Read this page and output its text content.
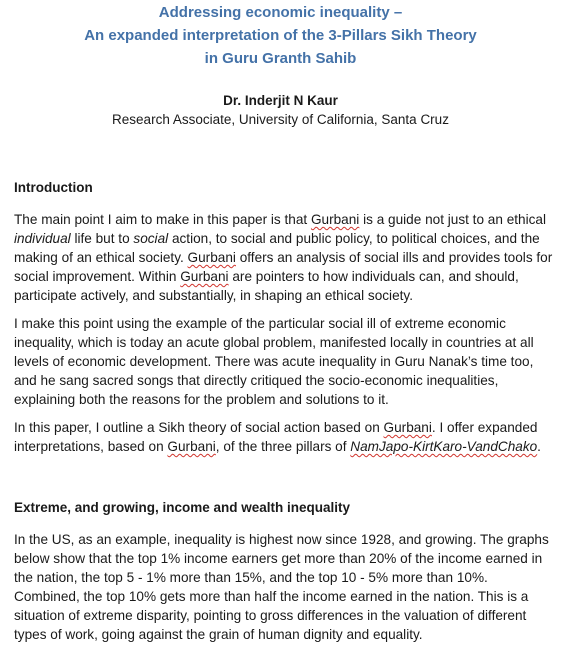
Addressing economic inequality –

An expanded interpretation of the 3-Pillars Sikh Theory

in Guru Granth Sahib

Dr. Inderjit N Kaur
Research Associate, University of California, Santa Cruz

Introduction

The main point I aim to make in this paper is that Gurbani is a guide not just to an ethical individual life but to social action, to social and public policy, to political choices, and the making of an ethical society. Gurbani offers an analysis of social ills and provides tools for social improvement. Within Gurbani are pointers to how individuals can, and should, participate actively, and substantially, in shaping an ethical society.

I make this point using the example of the particular social ill of extreme economic inequality, which is today an acute global problem, manifested locally in countries at all levels of economic development. There was acute inequality in Guru Nanak’s time too, and he sang sacred songs that directly critiqued the socio-economic inequalities, explaining both the reasons for the problem and solutions to it.

In this paper, I outline a Sikh theory of social action based on Gurbani. I offer expanded interpretations, based on Gurbani, of the three pillars of NamJapo-KirtKaro-VandChako.

Extreme, and growing, income and wealth inequality

In the US, as an example, inequality is highest now since 1928, and growing. The graphs below show that the top 1% income earners get more than 20% of the income earned in the nation, the top 5 - 1% more than 15%, and the top 10 - 5% more than 10%. Combined, the top 10% gets more than half the income earned in the nation. This is a situation of extreme disparity, pointing to gross differences in the valuation of different types of work, going against the grain of human dignity and equality.
